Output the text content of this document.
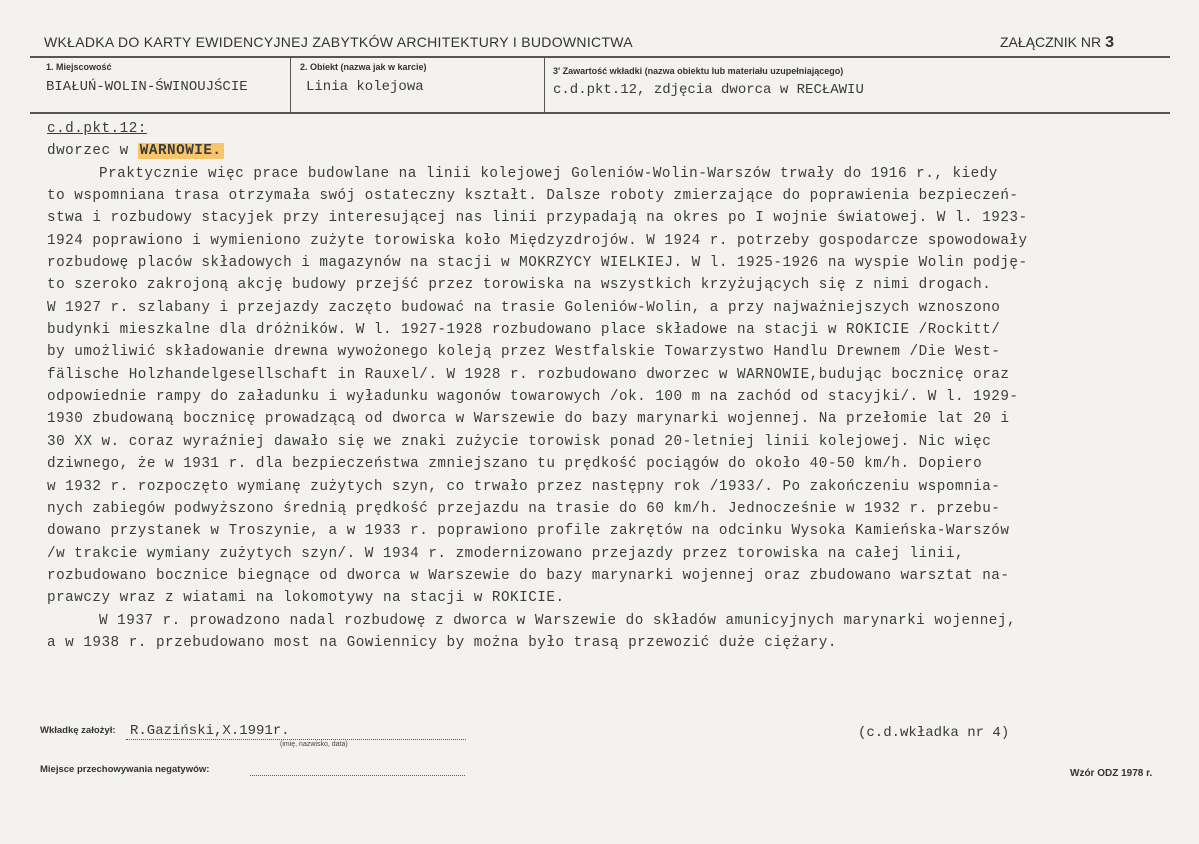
WKŁADKA DO KARTY EWIDENCYJNEJ ZABYTKÓW ARCHITEKTURY I BUDOWNICTWA	ZAŁĄCZNIK NR 3
1. Miejscowość
BIAŁUŃ-WOLIN-ŚWINOUJŚCIE
2. Obiekt (nazwa jak w karcie)
Linia kolejowa
3' Zawartość wkładki (nazwa obiektu lub materiału uzupełniającego)
c.d.pkt.12, zdjęcia dworca w RECŁAWIU
c.d.pkt.12:
dworzec w WARNOWIE.
Praktycznie więc prace budowlane na linii kolejowej Goleniów-Wolin-Warszów trwały do 1916 r., kiedy
to wspomniana trasa otrzymała swój ostateczny kształt. Dalsze roboty zmierzające do poprawienia bezpieczeń-
stwa i rozbudowy stacyjek przy interesującej nas linii przypadają na okres po I wojnie światowej. W l. 1923-
1924 poprawiono i wymieniono zużyte torowiska koło Międzyzdrojów. W 1924 r. potrzeby gospodarcze spowodowały
rozbudowę placów składowych i magazynów na stacji w MOKRZYCY WIELKIEJ. W l. 1925-1926 na wyspie Wolin podję-
to szeroko zakrojoną akcję budowy przejść przez torowiska na wszystkich krzyżujących się z nimi drogach.
W 1927 r. szlabany i przejazdy zaczęto budować na trasie Goleniów-Wolin, a przy najważniejszych wznoszono
budynki mieszkalne dla dróżników. W l. 1927-1928 rozbudowano place składowe na stacji w ROKICIE /Rockitt/
by umożliwić składowanie drewna wywożonego koleją przez Westfalskie Towarzystwo Handlu Drewnem /Die West-
fälische Holzhandelgesellschaft in Rauxel/. W 1928 r. rozbudowano dworzec w WARNOWIE,budując bocznicę oraz
odpowiednie rampy do załadunku i wyładunku wagonów towarowych /ok. 100 m na zachód od stacyjki/. W l. 1929-
1930 zbudowaną bocznicę prowadzącą od dworca w Warszewie do bazy marynarki wojennej. Na przełomie lat 20 i
30 XX w. coraz wyraźniej dawało się we znaki zużycie torowisk ponad 20-letniej linii kolejowej. Nic więc
dziwnego, że w 1931 r. dla bezpieczeństwa zmniejszano tu prędkość pociągów do około 40-50 km/h. Dopiero
w 1932 r. rozpoczęto wymianę zużytych szyn, co trwało przez następny rok /1933/. Po zakończeniu wspomnia-
nych zabiegów podwyższono średnią prędkość przejazdu na trasie do 60 km/h. Jednocześnie w 1932 r. przebu-
dowano przystanek w Troszynie, a w 1933 r. poprawiono profile zakrętów na odcinku Wysoka Kamieńska-Warszów
/w trakcie wymiany zużytych szyn/. W 1934 r. zmodernizowano przejazdy przez torowiska na całej linii,
rozbudowano bocznice biegnące od dworca w Warszewie do bazy marynarki wojennej oraz zbudowano warsztat na-
prawczy wraz z wiatami na lokomotywy na stacji w ROKICIE.
W 1937 r. prowadzono nadal rozbudowę z dworca w Warszewie do składów amunicyjnych marynarki wojennej,
a w 1938 r. przebudowano most na Gowiennicy by można było trasą przewozić duże ciężary.
Wkładkę założył: R.Gaziński,X.1991r.
(imię, nazwisko, data)
(c.d.wkładka nr 4)
Miejsce przechowywania negatywów:	Wzór ODZ 1978 r.
